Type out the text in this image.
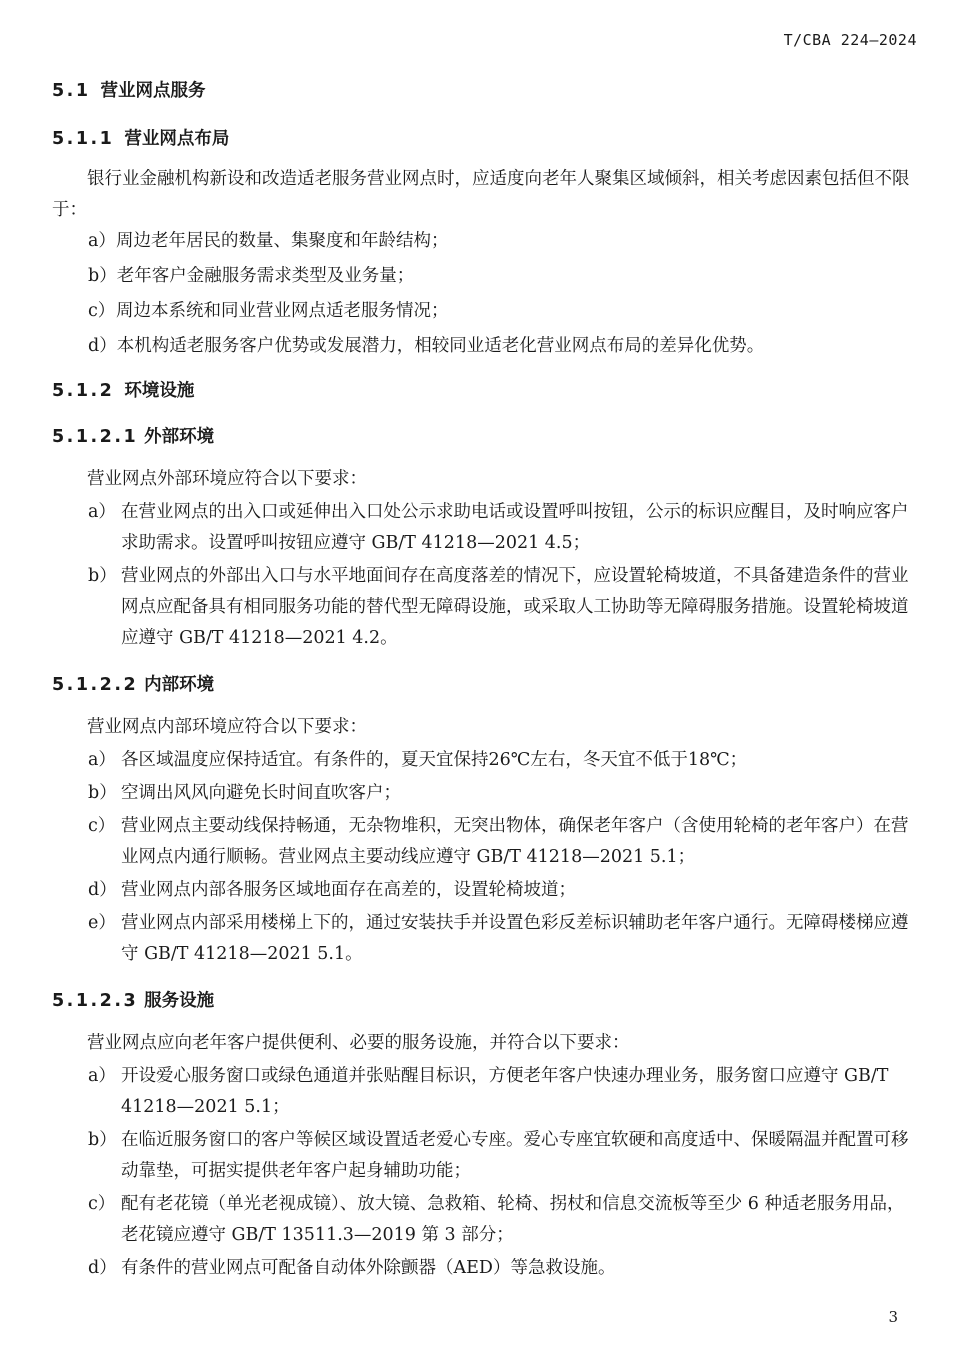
T/CBA 224—2024
5.1 营业网点服务
5.1.1 营业网点布局

银行业金融机构新设和改造适老服务营业网点时，应适度向老年人聚集区域倾斜，相关考虑因素包括但不限于：

a） 周边老年居民的数量、集聚度和年龄结构；
b） 老年客户金融服务需求类型及业务量；
c） 周边本系统和同业营业网点适老服务情况；
d） 本机构适老服务客户优势或发展潜力，相较同业适老化营业网点布局的差异化优势。
5.1.2 环境设施
5.1.2.1 外部环境

营业网点外部环境应符合以下要求：

a） 在营业网点的出入口或延伸出入口处公示求助电话或设置呼叫按钮，公示的标识应醒目，及时响应客户求助需求。设置呼叫按钮应遵守 GB/T 41218—2021 4.5；
b） 营业网点的外部出入口与水平地面间存在高度落差的情况下，应设置轮椅坡道，不具备建造条件的营业网点应配备具有相同服务功能的替代型无障碍设施，或采取人工协助等无障碍服务措施。设置轮椅坡道应遵守 GB/T 41218—2021 4.2。
5.1.2.2 内部环境

营业网点内部环境应符合以下要求：

a） 各区域温度应保持适宜。有条件的，夏天宜保持26℃左右，冬天宜不低于18℃；
b） 空调出风风向避免长时间直吹客户；
c） 营业网点主要动线保持畅通，无杂物堆积，无突出物体，确保老年客户（含使用轮椅的老年客户）在营业网点内通行顺畅。营业网点主要动线应遵守 GB/T 41218—2021 5.1；
d） 营业网点内部各服务区域地面存在高差的，设置轮椅坡道；
e） 营业网点内部采用楼梯上下的，通过安装扶手并设置色彩反差标识辅助老年客户通行。无障碍楼梯应遵守 GB/T 41218—2021 5.1。
5.1.2.3 服务设施

营业网点应向老年客户提供便利、必要的服务设施，并符合以下要求：

a） 开设爱心服务窗口或绿色通道并张贴醒目标识，方便老年客户快速办理业务，服务窗口应遵守 GB/T 41218—2021 5.1；
b） 在临近服务窗口的客户等候区域设置适老爱心专座。爱心专座宜软硬和高度适中、保暖隔温并配置可移动靠垫，可据实提供老年客户起身辅助功能；
c） 配有老花镜（单光老视成镜）、放大镜、急救箱、轮椅、拐杖和信息交流板等至少 6 种适老服务用品，老花镜应遵守 GB/T 13511.3—2019 第 3 部分；
d） 有条件的营业网点可配备自动体外除颤器（AED）等急救设施。
3
